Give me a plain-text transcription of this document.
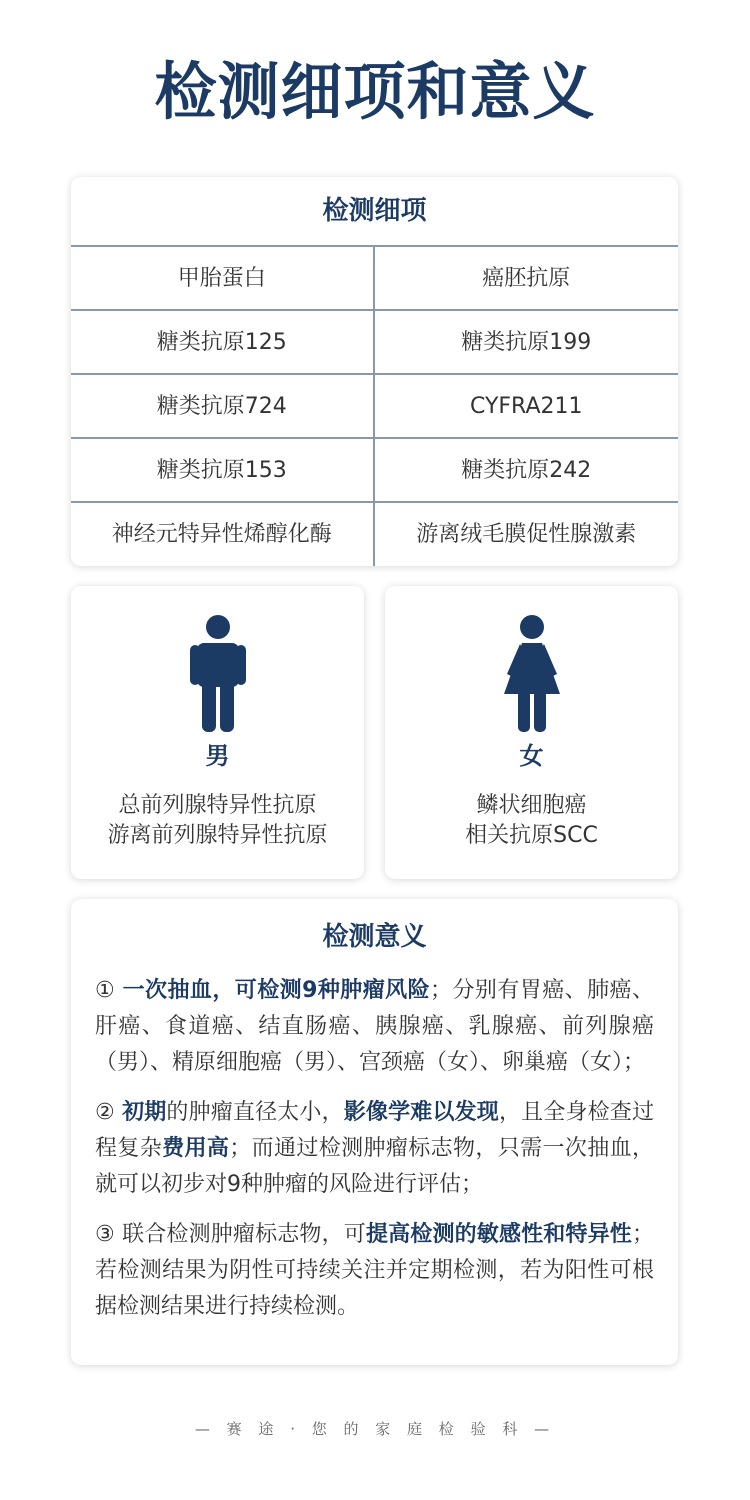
检测细项和意义
检测细项
甲胎蛋白	癌胚抗原
糖类抗原125	糖类抗原199
糖类抗原724	CYFRA211
糖类抗原153	糖类抗原242
神经元特异性烯醇化酶	游离绒毛膜促性腺激素
男
总前列腺特异性抗原
游离前列腺特异性抗原
女
鳞状细胞癌
相关抗原SCC
检测意义
① 一次抽血，可检测9种肿瘤风险；分别有胃癌、肺癌、肝癌、食道癌、结直肠癌、胰腺癌、乳腺癌、前列腺癌（男）、精原细胞癌（男）、宫颈癌（女）、卵巢癌（女）；
② 初期的肿瘤直径太小，影像学难以发现，且全身检查过程复杂费用高；而通过检测肿瘤标志物，只需一次抽血，就可以初步对9种肿瘤的风险进行评估；
③ 联合检测肿瘤标志物，可提高检测的敏感性和特异性；若检测结果为阴性可持续关注并定期检测，若为阳性可根据检测结果进行持续检测。
— 赛 途 · 您 的 家 庭 检 验 科 —
